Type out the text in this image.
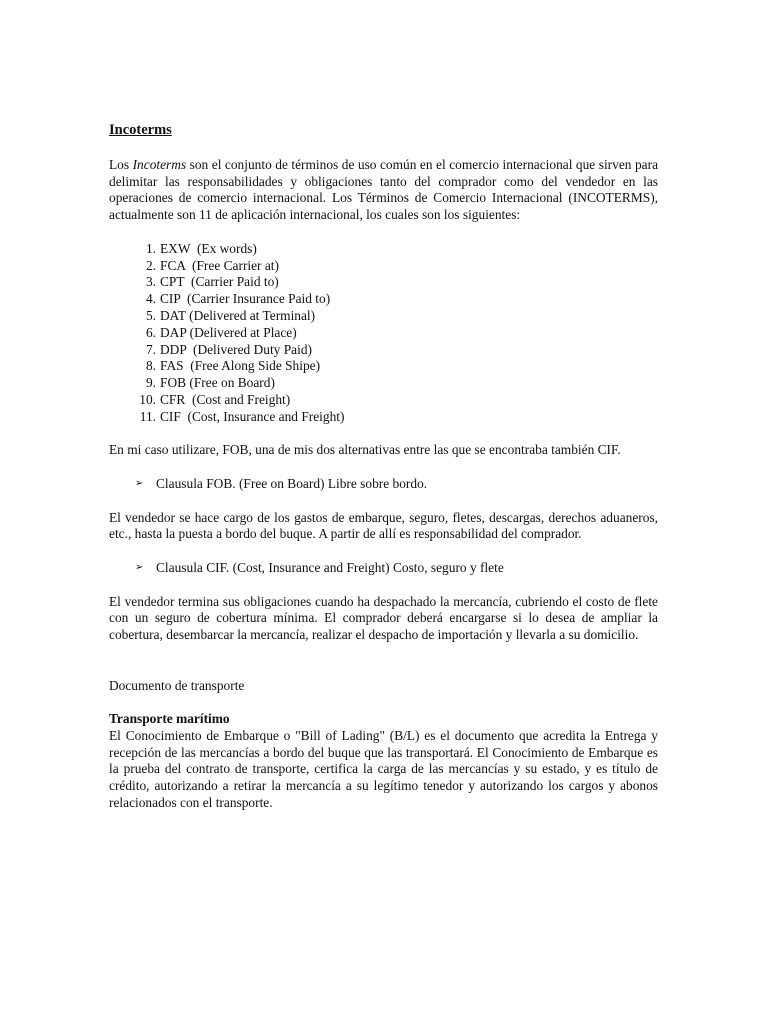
Incoterms

Los Incoterms son el conjunto de términos de uso común en el comercio internacional que sirven para delimitar las responsabilidades y obligaciones tanto del comprador como del vendedor en las operaciones de comercio internacional. Los Términos de Comercio Internacional (INCOTERMS), actualmente son 11 de aplicación internacional, los cuales son los siguientes:

1. EXW  (Ex words)
2. FCA  (Free Carrier at)
3. CPT  (Carrier Paid to)
4. CIP  (Carrier Insurance Paid to)
5. DAT (Delivered at Terminal)
6. DAP (Delivered at Place)
7. DDP  (Delivered Duty Paid)
8. FAS  (Free Along Side Shipe)
9. FOB (Free on Board)
10. CFR  (Cost and Freight)
11. CIF  (Cost, Insurance and Freight)

En mi caso utilizare, FOB, una de mis dos alternativas entre las que se encontraba también CIF.

➢ Clausula FOB. (Free on Board) Libre sobre bordo.

El vendedor se hace cargo de los gastos de embarque, seguro, fletes, descargas, derechos aduaneros, etc., hasta la puesta a bordo del buque. A partir de allí es responsabilidad del comprador.

➢ Clausula CIF. (Cost, Insurance and Freight) Costo, seguro y flete

El vendedor termina sus obligaciones cuando ha despachado la mercancía, cubriendo el costo de flete con un seguro de cobertura mínima. El comprador deberá encargarse si lo desea de ampliar la cobertura, desembarcar la mercancía, realizar el despacho de importación y llevarla a su domicilio.

Documento de transporte

Transporte marítimo

El Conocimiento de Embarque o "Bill of Lading" (B/L) es el documento que acredita la Entrega y recepción de las mercancías a bordo del buque que las transportará. El Conocimiento de Embarque es la prueba del contrato de transporte, certifica la carga de las mercancías y su estado, y es título de crédito, autorizando a retirar la mercancía a su legítimo tenedor y autorizando los cargos y abonos relacionados con el transporte.
